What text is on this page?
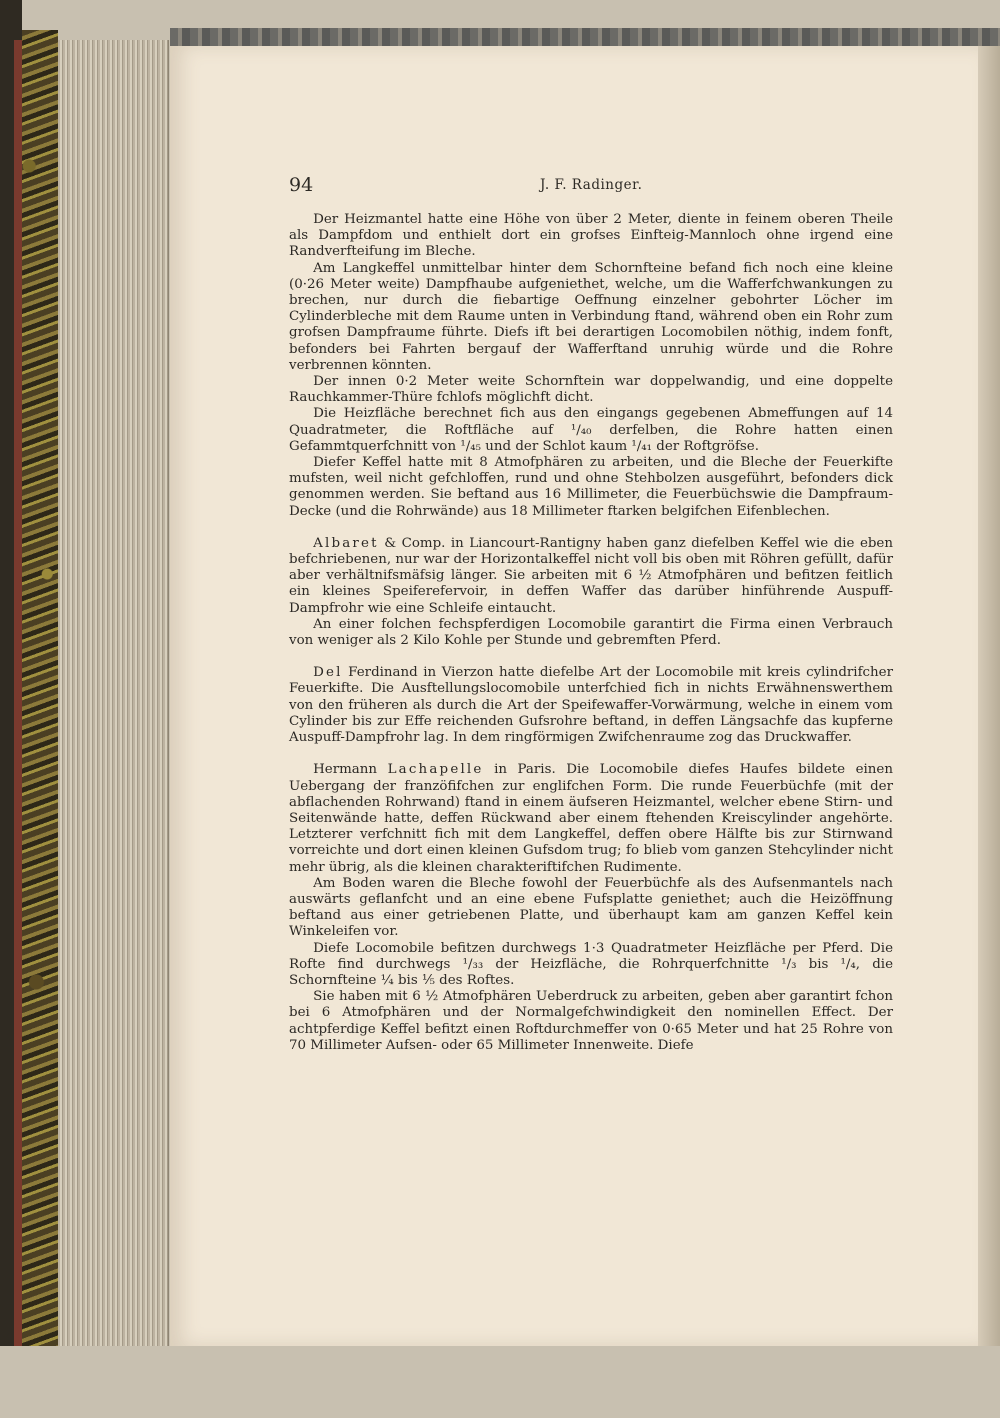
94	J. F. Radinger.

Der Heizmantel hatte eine Höhe von über 2 Meter, diente in feinem oberen Theile als Dampfdom und enthielt dort ein grofses Einfteig-Mannloch ohne irgend eine Randverfteifung im Bleche.

Am Langkeffel unmittelbar hinter dem Schornfteine befand fich noch eine kleine (0·26 Meter weite) Dampfhaube aufgeniethet, welche, um die Wafferfchwankungen zu brechen, nur durch die fiebartige Oeffnung einzelner gebohrter Löcher im Cylinderbleche mit dem Raume unten in Verbindung ftand, während oben ein Rohr zum grofsen Dampfraume führte. Diefs ift bei derartigen Locomobilen nöthig, indem fonft, befonders bei Fahrten bergauf der Wafferftand unruhig würde und die Rohre verbrennen könnten.

Der innen 0·2 Meter weite Schornftein war doppelwandig, und eine doppelte Rauchkammer-Thüre fchlofs möglichft dicht.

Die Heizfläche berechnet fich aus den eingangs gegebenen Abmeffungen auf 14 Quadratmeter, die Roftfläche auf ¹/₄₀ derfelben, die Rohre hatten einen Gefammtquerfchnitt von ¹/₄₅ und der Schlot kaum ¹/₄₁ der Roftgröfse.

Diefer Keffel hatte mit 8 Atmofphären zu arbeiten, und die Bleche der Feuerkifte mufsten, weil nicht gefchloffen, rund und ohne Stehbolzen ausgeführt, befonders dick genommen werden. Sie beftand aus 16 Millimeter, die Feuerbüchswie die Dampfraum-Decke (und die Rohrwände) aus 18 Millimeter ftarken belgifchen Eifenblechen.

Albaret & Comp. in Liancourt-Rantigny haben ganz diefelben Keffel wie die eben befchriebenen, nur war der Horizontalkeffel nicht voll bis oben mit Röhren gefüllt, dafür aber verhältnifsmäfsig länger. Sie arbeiten mit 6 ½ Atmofphären und befitzen feitlich ein kleines Speiferefervoir, in deffen Waffer das darüber hinführende Auspuff-Dampfrohr wie eine Schleife eintaucht.

An einer folchen fechspferdigen Locomobile garantirt die Firma einen Verbrauch von weniger als 2 Kilo Kohle per Stunde und gebremften Pferd.

Del Ferdinand in Vierzon hatte diefelbe Art der Locomobile mit kreis cylindrifcher Feuerkifte. Die Ausftellungslocomobile unterfchied fich in nichts Erwähnenswerthem von den früheren als durch die Art der Speifewaffer-Vorwärmung, welche in einem vom Cylinder bis zur Effe reichenden Gufsrohre beftand, in deffen Längsachfe das kupferne Auspuff-Dampfrohr lag. In dem ringförmigen Zwifchenraume zog das Druckwaffer.

Hermann Lachapelle in Paris. Die Locomobile diefes Haufes bildete einen Uebergang der franzöfifchen zur englifchen Form. Die runde Feuerbüchfe (mit der abflachenden Rohrwand) ftand in einem äufseren Heizmantel, welcher ebene Stirn- und Seitenwände hatte, deffen Rückwand aber einem ftehenden Kreiscylinder angehörte. Letzterer verfchnitt fich mit dem Langkeffel, deffen obere Hälfte bis zur Stirnwand vorreichte und dort einen kleinen Gufsdom trug; fo blieb vom ganzen Stehcylinder nicht mehr übrig, als die kleinen charakteriftifchen Rudimente.

Am Boden waren die Bleche fowohl der Feuerbüchfe als des Aufsenmantels nach auswärts geflanfcht und an eine ebene Fufsplatte geniethet; auch die Heizöffnung beftand aus einer getriebenen Platte, und überhaupt kam am ganzen Keffel kein Winkeleifen vor.

Diefe Locomobile befitzen durchwegs 1·3 Quadratmeter Heizfläche per Pferd. Die Rofte find durchwegs ¹/₃₃ der Heizfläche, die Rohrquerfchnitte ¹/₃ bis ¹/₄, die Schornfteine ¼ bis ⅕ des Roftes.

Sie haben mit 6 ½ Atmofphären Ueberdruck zu arbeiten, geben aber garantirt fchon bei 6 Atmofphären und der Normalgefchwindigkeit den nominellen Effect. Der achtpferdige Keffel befitzt einen Roftdurchmeffer von 0·65 Meter und hat 25 Rohre von 70 Millimeter Aufsen- oder 65 Millimeter Innenweite. Diefe
